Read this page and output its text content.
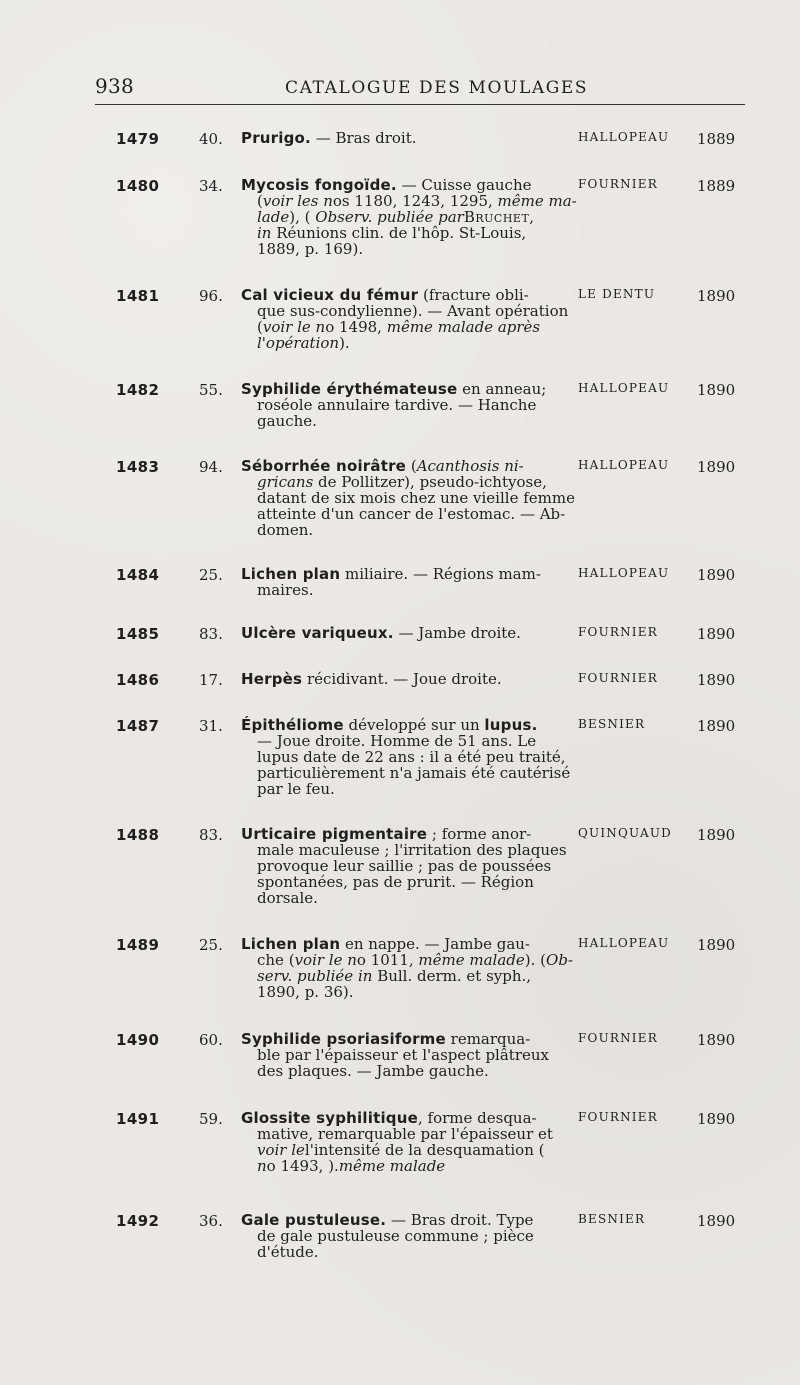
938	CATALOGUE DES MOULAGES
1479	40.	Prurigo. — Bras droit.	HALLOPEAU	1889
1480	34.	Mycosis fongoïde. — Cuisse gauche
(voir les nos 1180, 1243, 1295, même ma-
lade), ( Observ. publiée parBruchet,
in Réunions clin. de l'hôp. St-Louis,
1889, p. 169).
FOURNIER	1889
1481	96.	Cal vicieux du fémur (fracture obli-
que sus-condylienne). — Avant opération
(voir le no 1498, même malade après
l'opération).
LE DENTU	1890
1482	55.	Syphilide érythémateuse en anneau;
roséole annulaire tardive. — Hanche
gauche.
HALLOPEAU	1890
1483	94.	Séborrhée noirâtre (Acanthosis ni-
gricans de Pollitzer), pseudo-ichtyose,
datant de six mois chez une vieille femme
atteinte d'un cancer de l'estomac. — Ab-
domen.
HALLOPEAU	1890
1484	25.	Lichen plan miliaire. — Régions mam-
maires.
HALLOPEAU	1890
1485	83.	Ulcère variqueux. — Jambe droite.	FOURNIER	1890
1486	17.	Herpès récidivant. — Joue droite.	FOURNIER	1890
1487	31.	Épithéliome développé sur un lupus.
— Joue droite. Homme de 51 ans. Le
lupus date de 22 ans : il a été peu traité,
particulièrement n'a jamais été cautérisé
par le feu.
BESNIER	1890
1488	83.	Urticaire pigmentaire ; forme anor-
male maculeuse ; l'irritation des plaques
provoque leur saillie ; pas de poussées
spontanées, pas de prurit. — Région
dorsale.
QUINQUAUD	1890
1489	25.	Lichen plan en nappe. — Jambe gau-
che (voir le no 1011, même malade). (Ob-
serv. publiée in Bull. derm. et syph.,
1890, p. 36).
HALLOPEAU	1890
1490	60.	Syphilide psoriasiforme remarqua-
ble par l'épaisseur et l'aspect plâtreux
des plaques. — Jambe gauche.
FOURNIER	1890
1491	59.	Glossite syphilitique, forme desqua-
mative, remarquable par l'épaisseur et
voir lel'intensité de la desquamation (
no 1493, ).même malade
FOURNIER	1890
1492	36.	Gale pustuleuse. — Bras droit. Type
de gale pustuleuse commune ; pièce
d'étude.
BESNIER	1890
